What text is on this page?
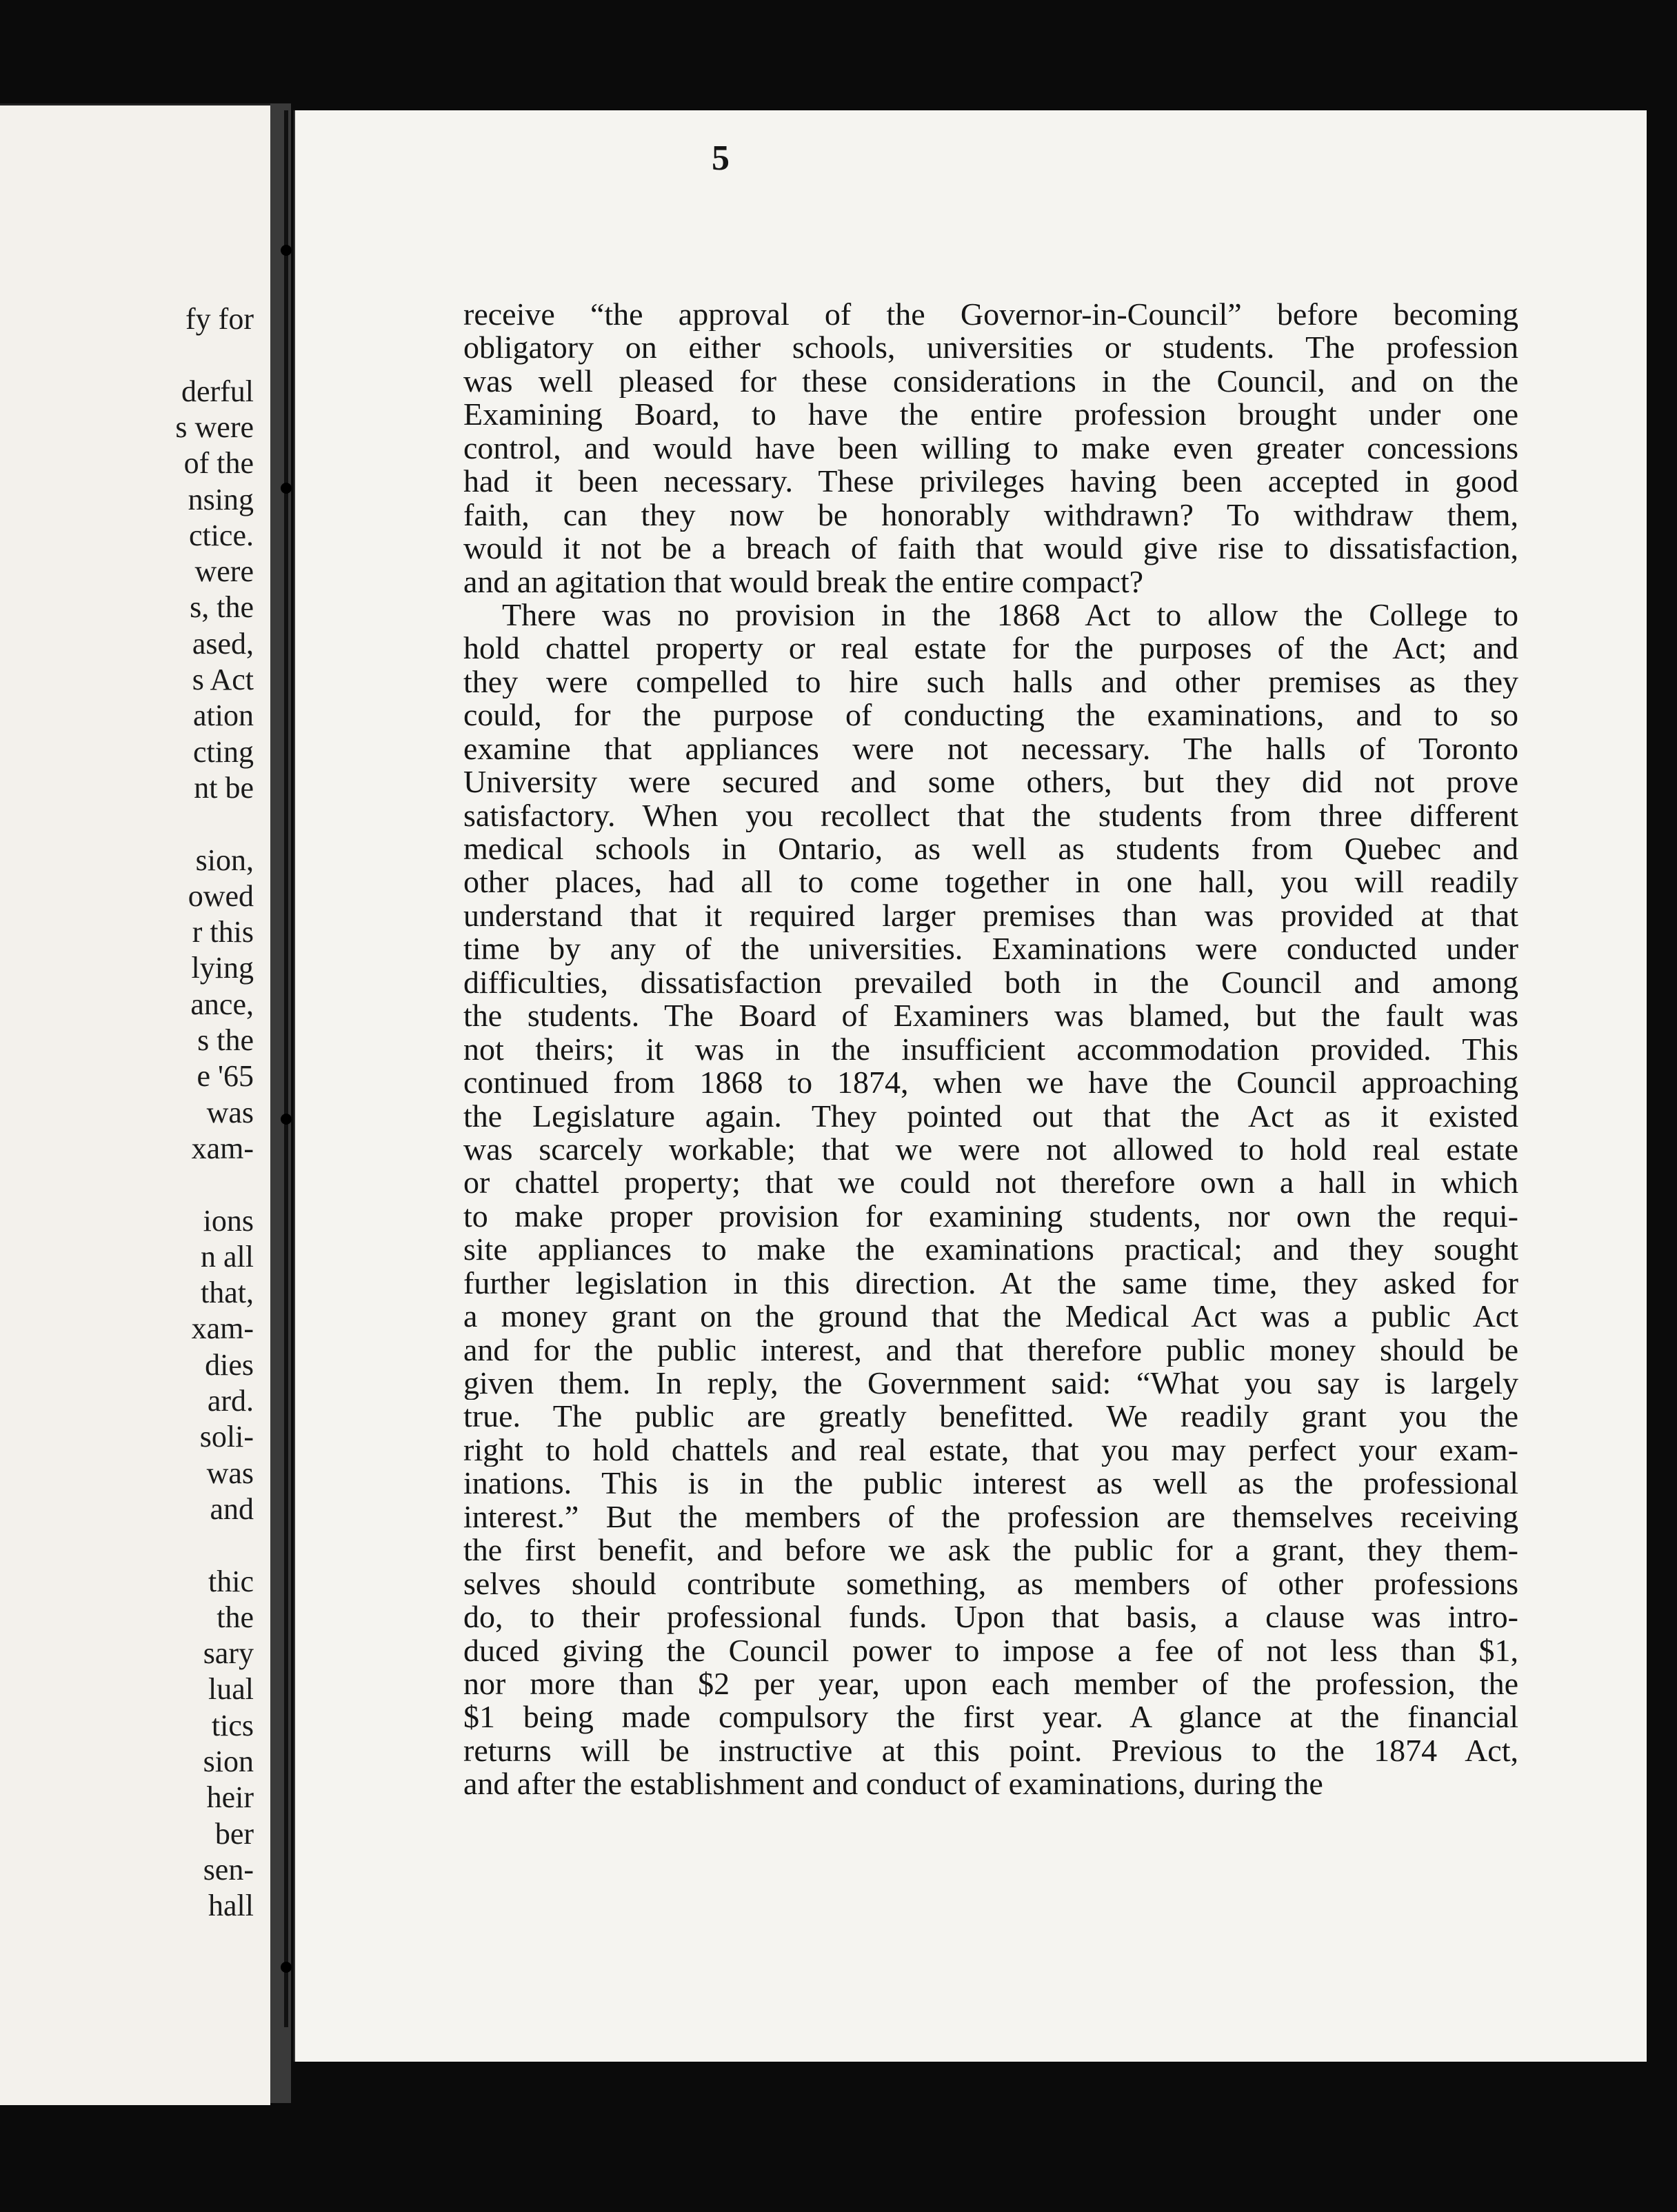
fy for

derful

s were

of the

nsing

ctice.

were

s, the

ased,

s Act

ation

cting

nt be

sion,

owed

r this

lying

ance,

s the

e '65

was

xam-

ions

n all

that,

xam-

dies

ard.

soli-

was

and

thic

the

sary

lual

tics

sion

heir

ber

sen-

hall

5

receive “the approval of the Governor-in-Council” before becoming
obligatory on either schools, universities or students. The profession
was well pleased for these considerations in the Council, and on the
Examining Board, to have the entire profession brought under one
control, and would have been willing to make even greater concessions
had it been necessary. These privileges having been accepted in good
faith, can they now be honorably withdrawn? To withdraw them,
would it not be a breach of faith that would give rise to dissatisfaction,
and an agitation that would break the entire compact?
There was no provision in the 1868 Act to allow the College to
hold chattel property or real estate for the purposes of the Act; and
they were compelled to hire such halls and other premises as they
could, for the purpose of conducting the examinations, and to so
examine that appliances were not necessary. The halls of Toronto
University were secured and some others, but they did not prove
satisfactory. When you recollect that the students from three different
medical schools in Ontario, as well as students from Quebec and
other places, had all to come together in one hall, you will readily
understand that it required larger premises than was provided at that
time by any of the universities. Examinations were conducted under
difficulties, dissatisfaction prevailed both in the Council and among
the students. The Board of Examiners was blamed, but the fault was
not theirs; it was in the insufficient accommodation provided. This
continued from 1868 to 1874, when we have the Council approaching
the Legislature again. They pointed out that the Act as it existed
was scarcely workable; that we were not allowed to hold real estate
or chattel property; that we could not therefore own a hall in which
to make proper provision for examining students, nor own the requi-
site appliances to make the examinations practical; and they sought
further legislation in this direction. At the same time, they asked for
a money grant on the ground that the Medical Act was a public Act
and for the public interest, and that therefore public money should be
given them. In reply, the Government said: “What you say is largely
true. The public are greatly benefitted. We readily grant you the
right to hold chattels and real estate, that you may perfect your exam-
inations. This is in the public interest as well as the professional
interest.” But the members of the profession are themselves receiving
the first benefit, and before we ask the public for a grant, they them-
selves should contribute something, as members of other professions
do, to their professional funds. Upon that basis, a clause was intro-
duced giving the Council power to impose a fee of not less than $1,
nor more than $2 per year, upon each member of the profession, the
$1 being made compulsory the first year. A glance at the financial
returns will be instructive at this point. Previous to the 1874 Act,
and after the establishment and conduct of examinations, during the
